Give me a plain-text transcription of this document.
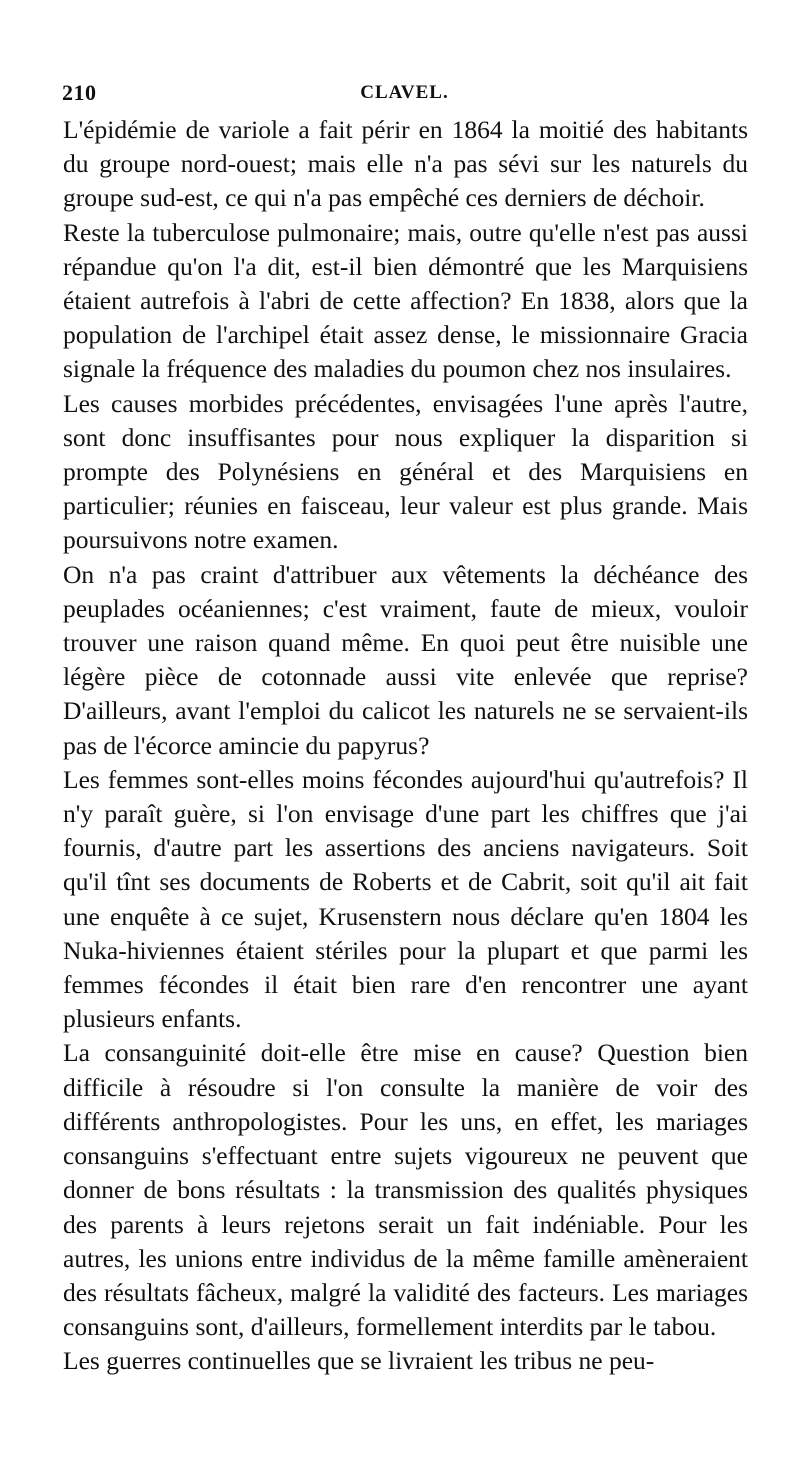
210	CLAVEL.

L'épidémie de variole a fait périr en 1864 la moitié des habitants du groupe nord-ouest; mais elle n'a pas sévi sur les naturels du groupe sud-est, ce qui n'a pas empêché ces derniers de déchoir.

Reste la tuberculose pulmonaire; mais, outre qu'elle n'est pas aussi répandue qu'on l'a dit, est-il bien démontré que les Marquisiens étaient autrefois à l'abri de cette affection? En 1838, alors que la population de l'archipel était assez dense, le missionnaire Gracia signale la fréquence des maladies du poumon chez nos insulaires.

Les causes morbides précédentes, envisagées l'une après l'autre, sont donc insuffisantes pour nous expliquer la disparition si prompte des Polynésiens en général et des Marquisiens en particulier; réunies en faisceau, leur valeur est plus grande. Mais poursuivons notre examen.

On n'a pas craint d'attribuer aux vêtements la déchéance des peuplades océaniennes; c'est vraiment, faute de mieux, vouloir trouver une raison quand même. En quoi peut être nuisible une légère pièce de cotonnade aussi vite enlevée que reprise? D'ailleurs, avant l'emploi du calicot les naturels ne se servaient-ils pas de l'écorce amincie du papyrus?

Les femmes sont-elles moins fécondes aujourd'hui qu'autrefois? Il n'y paraît guère, si l'on envisage d'une part les chiffres que j'ai fournis, d'autre part les assertions des anciens navigateurs. Soit qu'il tînt ses documents de Roberts et de Cabrit, soit qu'il ait fait une enquête à ce sujet, Krusenstern nous déclare qu'en 1804 les Nuka-hiviennes étaient stériles pour la plupart et que parmi les femmes fécondes il était bien rare d'en rencontrer une ayant plusieurs enfants.

La consanguinité doit-elle être mise en cause? Question bien difficile à résoudre si l'on consulte la manière de voir des différents anthropologistes. Pour les uns, en effet, les mariages consanguins s'effectuant entre sujets vigoureux ne peuvent que donner de bons résultats : la transmission des qualités physiques des parents à leurs rejetons serait un fait indéniable. Pour les autres, les unions entre individus de la même famille amèneraient des résultats fâcheux, malgré la validité des facteurs. Les mariages consanguins sont, d'ailleurs, formellement interdits par le tabou.

Les guerres continuelles que se livraient les tribus ne peu-
